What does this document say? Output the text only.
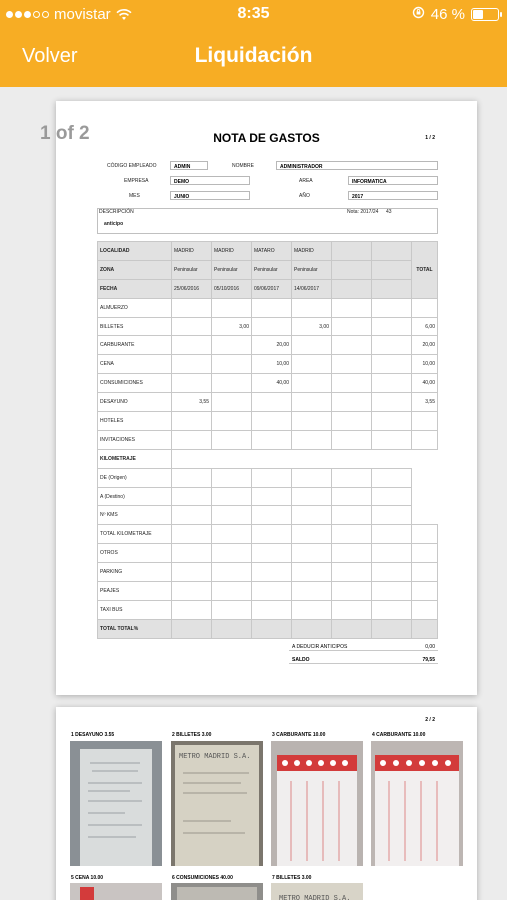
movistar	8:35	46 %
Volver	Liquidación
1 of 2	NOTA DE GASTOS	1 / 2
CÓDIGO EMPLEADO	ADMIN	NOMBRE	ADMINISTRADOR
EMPRESA	DEMO	AREA	INFORMATICA
MES	JUNIO	AÑO	2017
DESCRIPCIÓN
anticipo
Nota: 2017/24 43
LOCALIDAD	MADRID	MADRID	MATARO	MADRID			TOTAL
ZONA	Peninsular	Peninsular	Peninsular	Peninsular			
FECHA	25/06/2016	05/10/2016	09/06/2017	14/06/2017			
ALMUERZO							
BILLETES		3,00		3,00			6,00
CARBURANTE			20,00				20,00
CENA			10,00				10,00
CONSUMICIONES			40,00				40,00
DESAYUNO	3,55						3,55
HOTELES							
INVITACIONES							
KILOMETRAJE							
DE (Origen)							
A (Destino)							
Nº KMS							
TOTAL KILOMETRAJE							
OTROS							
PARKING							
PEAJES							
TAXI BUS							
TOTAL TOTAL%							
A DEDUCIR ANTICIPOS	0,00
SALDO	79,55
2 / 2
1 DESAYUNO 3.55	2 BILLETES 3.00	3 CARBURANTE 10.00	4 CARBURANTE 10.00
METRO MADRID S.A.
5 CENA 10.00	6 CONSUMICIONES 40.00	7 BILLETES 3.00
METRO MADRID S.A.
